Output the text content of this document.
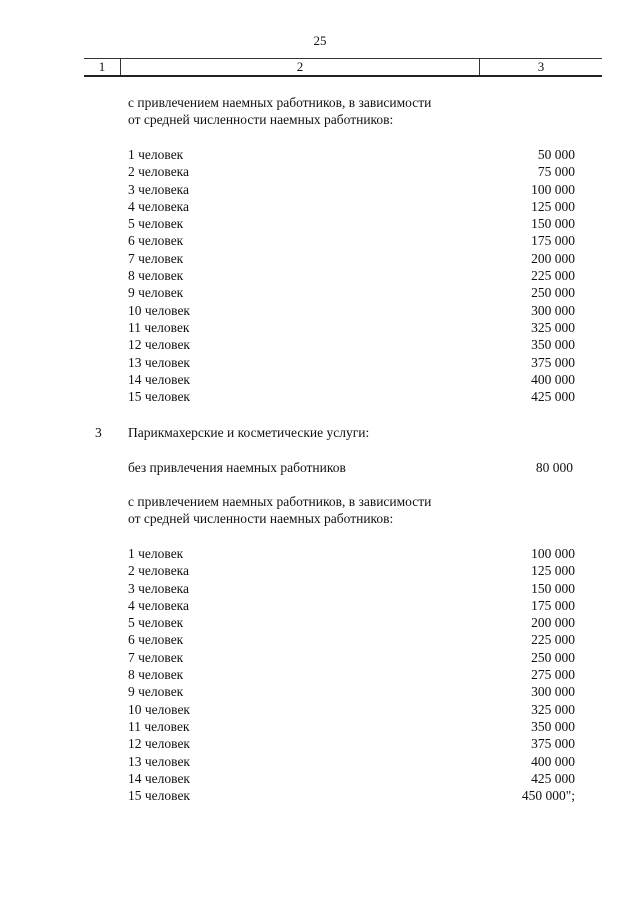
25
1	2	3
с привлечением наемных работников, в зависимости
от средней численности наемных работников:
1 человек	50 000
2 человека	75 000
3 человека	100 000
4 человека	125 000
5 человек	150 000
6 человек	175 000
7 человек	200 000
8 человек	225 000
9 человек	250 000
10 человек	300 000
11 человек	325 000
12 человек	350 000
13 человек	375 000
14 человек	400 000
15 человек	425 000
3 Парикмахерские и косметические услуги:
без привлечения наемных работников	80 000
с привлечением наемных работников, в зависимости
от средней численности наемных работников:
1 человек	100 000
2 человека	125 000
3 человека	150 000
4 человека	175 000
5 человек	200 000
6 человек	225 000
7 человек	250 000
8 человек	275 000
9 человек	300 000
10 человек	325 000
11 человек	350 000
12 человек	375 000
13 человек	400 000
14 человек	425 000
15 человек	450 000";
